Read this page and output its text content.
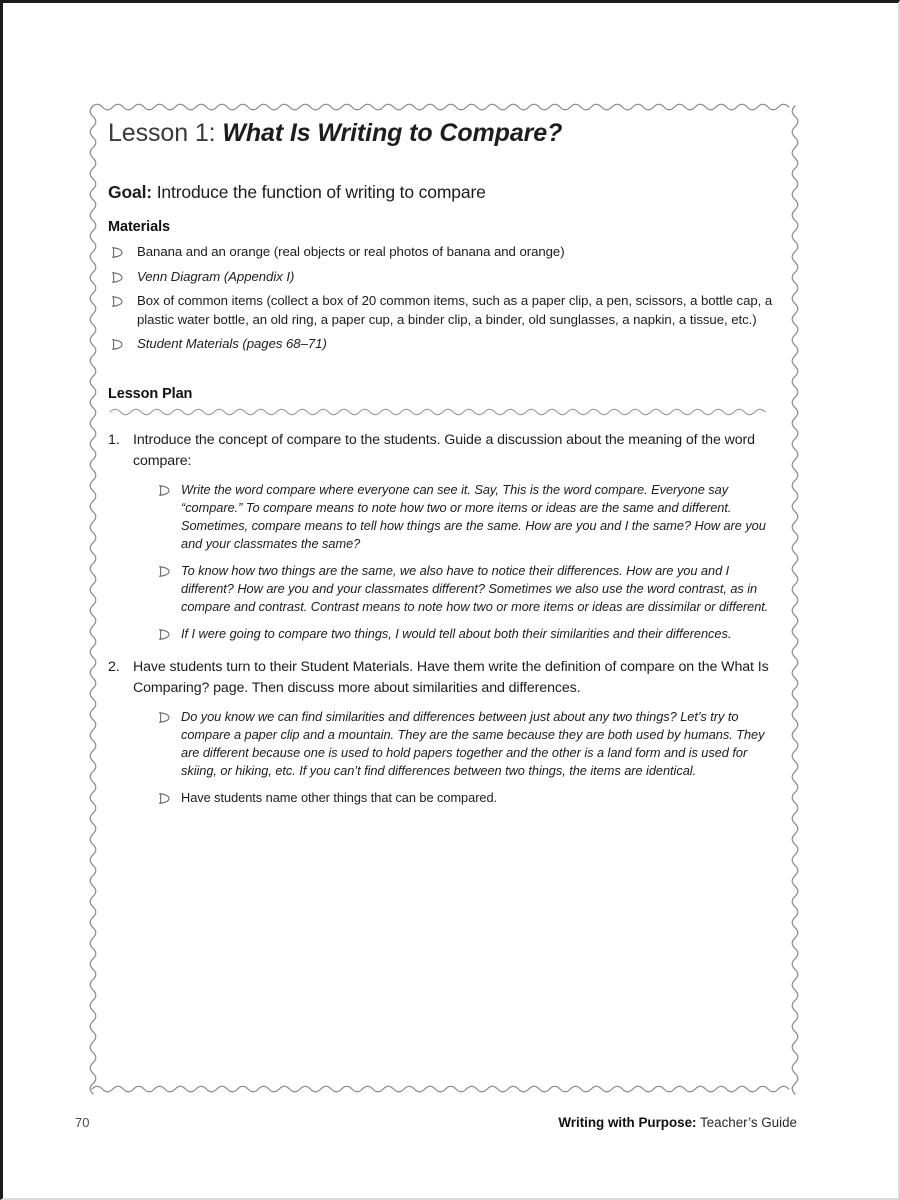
Lesson 1: What Is Writing to Compare?

Goal: Introduce the function of writing to compare

Materials
Banana and an orange (real objects or real photos of banana and orange)
Venn Diagram (Appendix I)
Box of common items (collect a box of 20 common items, such as a paper clip, a pen, scissors, a bottle cap, a plastic water bottle, an old ring, a paper cup, a binder clip, a binder, old sunglasses, a napkin, a tissue, etc.)
Student Materials (pages 68–71)
Lesson Plan
1. Introduce the concept of compare to the students. Guide a discussion about the meaning of the word compare:

Write the word compare where everyone can see it. Say, This is the word compare. Everyone say “compare.” To compare means to note how two or more items or ideas are the same and different. Sometimes, compare means to tell how things are the same. How are you and I the same? How are you and your classmates the same?
To know how two things are the same, we also have to notice their differences. How are you and I different? How are you and your classmates different? Sometimes we also use the word contrast, as in compare and contrast. Contrast means to note how two or more items or ideas are dissimilar or different.
If I were going to compare two things, I would tell about both their similarities and their differences.
2. Have students turn to their Student Materials. Have them write the definition of compare on the What Is Comparing? page. Then discuss more about similarities and differences.

Do you know we can find similarities and differences between just about any two things? Let’s try to compare a paper clip and a mountain. They are the same because they are both used by humans. They are different because one is used to hold papers together and the other is a land form and is used for skiing, or hiking, etc. If you can’t find differences between two things, the items are identical.
Have students name other things that can be compared.
70	Writing with Purpose: Teacher’s Guide
